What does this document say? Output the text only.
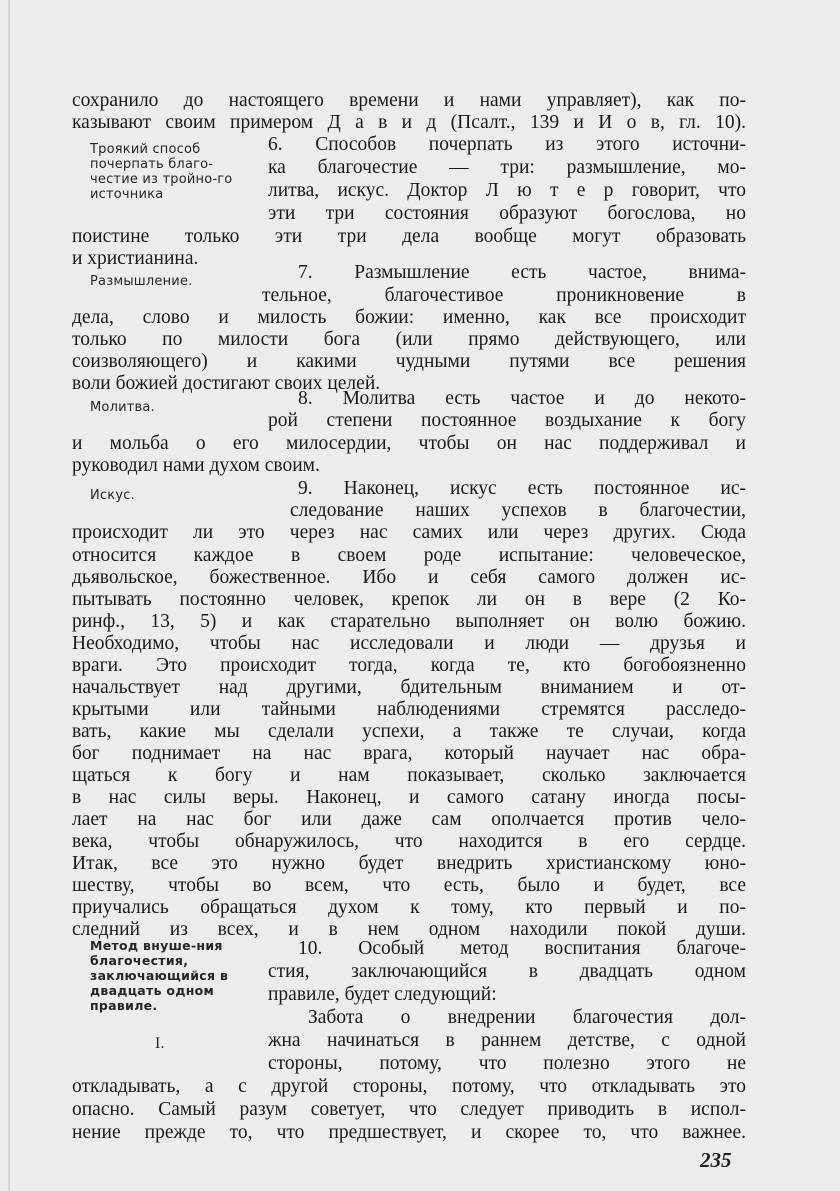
Трoякий способ почерпать благо-честие из тройно-го источника
Размышление.
Молитва.
Искус.
Метод внуше-ния благочестия, заключающийся в двадцать одном правиле.
I.
сохранило до настоящего времени и нами управляет), как по-
казывают своим примером Д а в и д (Псалт., 139 и И о в, гл. 10).
6. Способов почерпать из этого источни-
ка благочестие — три: размышление, мо-
литва, искус. Доктор Л ю т е р говорит, что
эти три состояния образуют богослова, но
поистине только эти три дела вообще могут образовать
и христианина.
7. Размышление есть частое, внима-
тельное, благочестивое проникновение в
дела, слово и милость божии: именно, как все происходит
только по милости бога (или прямо действующего, или
соизволяющего) и какими чудными путями все решения
воли божией достигают своих целей.
8. Молитва есть частое и до некото-
рой степени постоянное воздыхание к богу
и мольба о его милосердии, чтобы он нас поддерживал и
руководил нами духом своим.
9. Наконец, искус есть постоянное ис-
следование наших успехов в благочестии,
происходит ли это через нас самих или через других. Сюда
относится каждое в своем роде испытание: человеческое,
дьявольское, божественное. Ибо и себя самого должен ис-
пытывать постоянно человек, крепок ли он в вере (2 Ко-
ринф., 13, 5) и как старательно выполняет он волю божию.
Необходимо, чтобы нас исследовали и люди — друзья и
враги. Это происходит тогда, когда те, кто богобоязненно
начальствует над другими, бдительным вниманием и от-
крытыми или тайными наблюдениями стремятся расследо-
вать, какие мы сделали успехи, а также те случаи, когда
бог поднимает на нас врага, который научает нас обра-
щаться к богу и нам показывает, сколько заключается
в нас силы веры. Наконец, и самого сатану иногда посы-
лает на нас бог или даже сам ополчается против чело-
века, чтобы обнаружилось, что находится в его сердце.
Итак, все это нужно будет внедрить христианскому юно-
шеству, чтобы во всем, что есть, было и будет, все
приучались обращаться духом к тому, кто первый и по-
следний из всех, и в нем одном находили покой души.
10. Особый метод воспитания благоче-
стия, заключающийся в двадцать одном
правиле, будет следующий:
Забота о внедрении благочестия дол-
жна начинаться в раннем детстве, с одной
стороны, потому, что полезно этого не
откладывать, а с другой стороны, потому, что откладывать это
опасно. Самый разум советует, что следует приводить в испол-
нение прежде то, что предшествует, и скорее то, что важнее.
235
